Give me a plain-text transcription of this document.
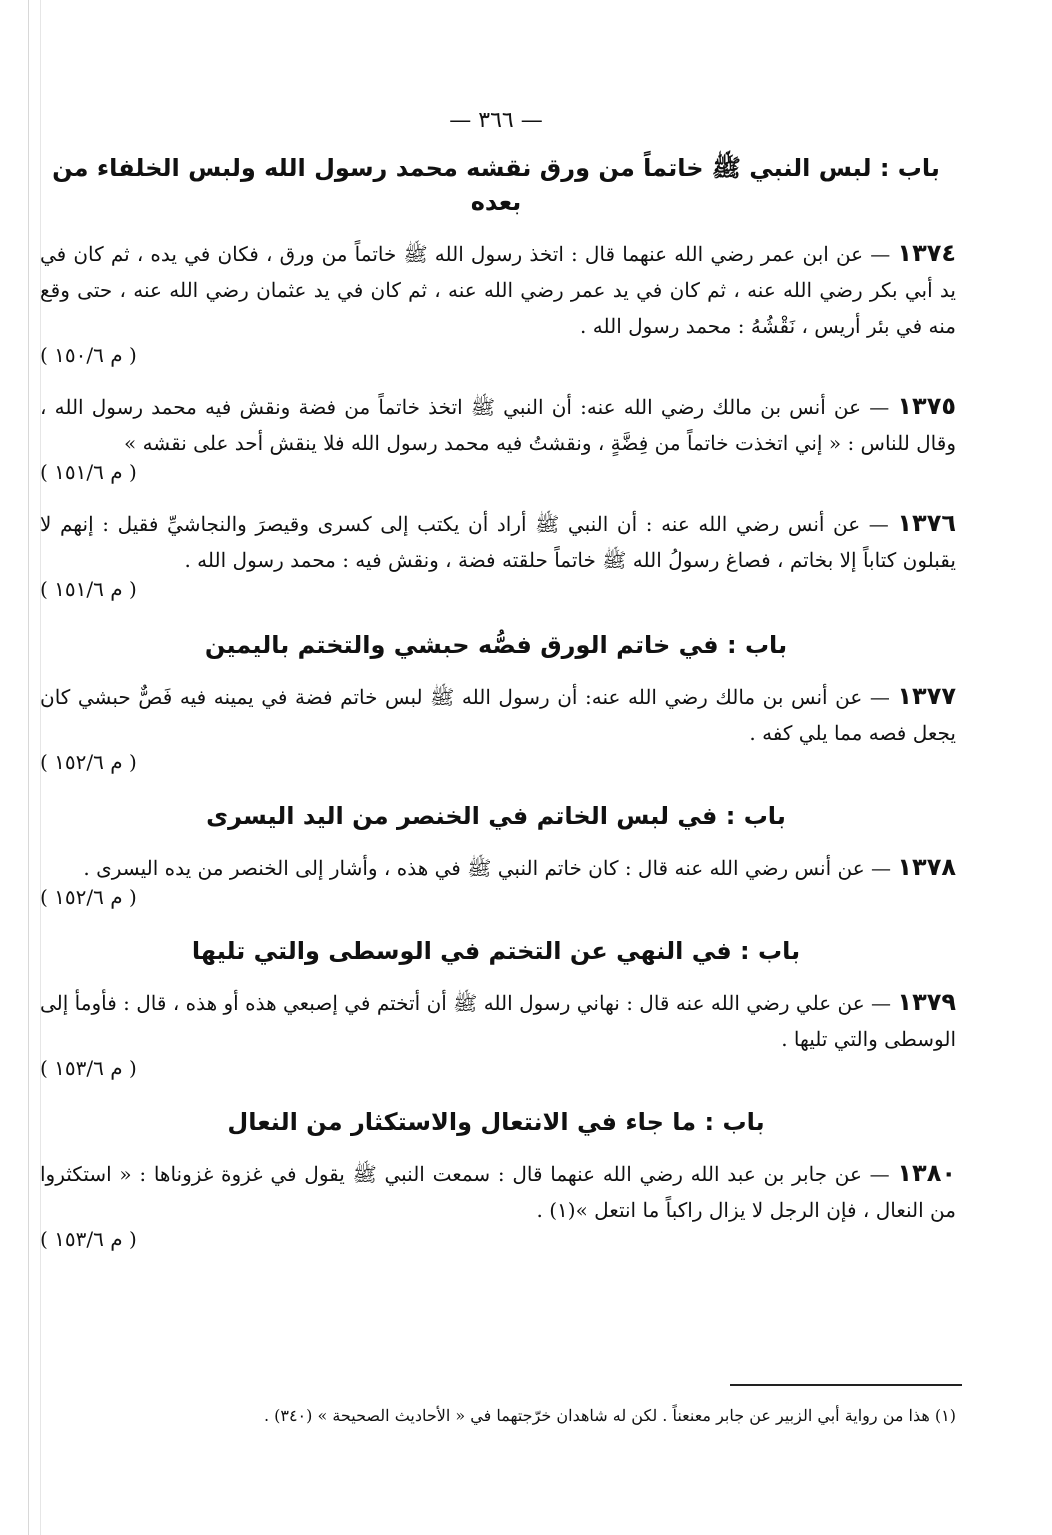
— ٣٦٦ —
باب : لبس النبي ﷺ خاتماً من ورق نقشه محمد رسول الله ولبس الخلفاء من بعده
١٣٧٤ — عن ابن عمر رضي الله عنهما قال : اتخذ رسول الله ﷺ خاتماً من ورق ، فكان في يده ، ثم كان في يد أبي بكر رضي الله عنه ، ثم كان في يد عمر رضي الله عنه ، ثم كان في يد عثمان رضي الله عنه ، حتى وقع منه في بئر أريس ، نَقْشُهُ : محمد رسول الله .
( م ١٥٠/٦ )
١٣٧٥ — عن أنس بن مالك رضي الله عنه: أن النبي ﷺ اتخذ خاتماً من فضة ونقش فيه محمد رسول الله ، وقال للناس : « إني اتخذت خاتماً من فِضَّةٍ ، ونقشتُ فيه محمد رسول الله فلا ينقش أحد على نقشه »
( م ١٥١/٦ )
١٣٧٦ — عن أنس رضي الله عنه : أن النبي ﷺ أراد أن يكتب إلى كسرى وقيصرَ والنجاشيِّ فقيل : إنهم لا يقبلون كتاباً إلا بخاتم ، فصاغ رسولُ الله ﷺ خاتماً حلقته فضة ، ونقش فيه : محمد رسول الله .
( م ١٥١/٦ )
باب : في خاتم الورق فصُّه حبشي والتختم باليمين
١٣٧٧ — عن أنس بن مالك رضي الله عنه: أن رسول الله ﷺ لبس خاتم فضة في يمينه فيه فَصٌّ حبشي كان يجعل فصه مما يلي كفه .
( م ١٥٢/٦ )
باب : في لبس الخاتم في الخنصر من اليد اليسرى
١٣٧٨ — عن أنس رضي الله عنه قال : كان خاتم النبي ﷺ في هذه ، وأشار إلى الخنصر من يده اليسرى .
( م ١٥٢/٦ )
باب : في النهي عن التختم في الوسطى والتي تليها
١٣٧٩ — عن علي رضي الله عنه قال : نهاني رسول الله ﷺ أن أتختم في إصبعي هذه أو هذه ، قال : فأومأ إلى الوسطى والتي تليها .
( م ١٥٣/٦ )
باب : ما جاء في الانتعال والاستكثار من النعال
١٣٨٠ — عن جابر بن عبد الله رضي الله عنهما قال : سمعت النبي ﷺ يقول في غزوة غزوناها : « استكثروا من النعال ، فإن الرجل لا يزال راكباً ما انتعل »(١) .
( م ١٥٣/٦ )
(١) هذا من رواية أبي الزبير عن جابر معنعناً . لكن له شاهدان خرّجتهما في « الأحاديث الصحيحة » (٣٤٠) .
